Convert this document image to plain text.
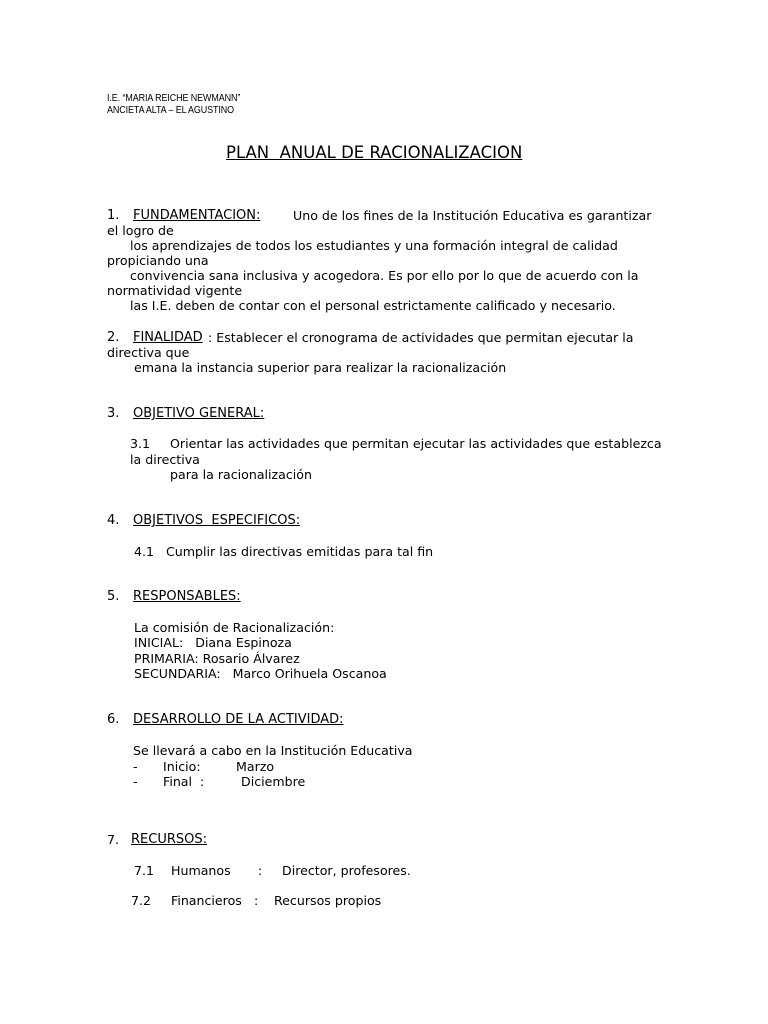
I.E. “MARIA REICHE NEWMANN”
ANCIETA ALTA – EL AGUSTINO
PLAN  ANUAL DE RACIONALIZACION
1. FUNDAMENTACION:	Uno de los fines de la Institución Educativa es garantizar
el logro de
los aprendizajes de todos los estudiantes y una formación integral de calidad
propiciando una
convivencia sana inclusiva y acogedora. Es por ello por lo que de acuerdo con la
normatividad vigente
las I.E. deben de contar con el personal estrictamente calificado y necesario.
2. FINALIDAD : Establecer el cronograma de actividades que permitan ejecutar la
directiva que
emana la instancia superior para realizar la racionalización
3. OBJETIVO GENERAL:
3.1 Orientar las actividades que permitan ejecutar las actividades que establezca
la directiva
para la racionalización
4. OBJETIVOS  ESPECIFICOS:
4.1 Cumplir las directivas emitidas para tal fin
5. RESPONSABLES:
La comisión de Racionalización:
INICIAL:   Diana Espinoza
PRIMARIA: Rosario Álvarez
SECUNDARIA:   Marco Orihuela Oscanoa
6. DESARROLLO DE LA ACTIVIDAD:
Se llevará a cabo en la Institución Educativa
- Inicio:	Marzo
- Final  :	Diciembre
7. RECURSOS:
7.1 Humanos : Director, profesores.
7.2 Financieros : Recursos propios
